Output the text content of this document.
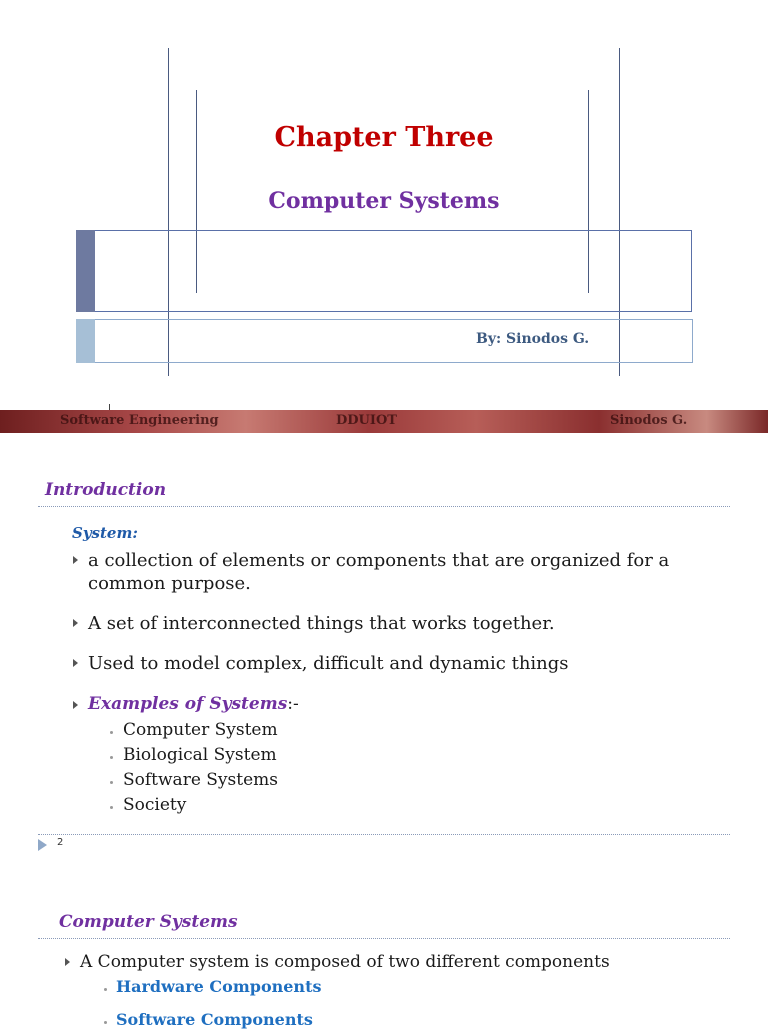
Chapter Three
Computer Systems
By: Sinodos G.
Software Engineering	DDUIOT	Sinodos G.
Introduction
System:
a collection of elements or components that are organized for a
common purpose.
A set of interconnected things that works together.
Used to model complex, difficult and dynamic things
Examples of Systems:-
Computer System
Biological System
Software Systems
Society
2
Computer Systems
A Computer system is composed of two different components
Hardware Components
Software Components
